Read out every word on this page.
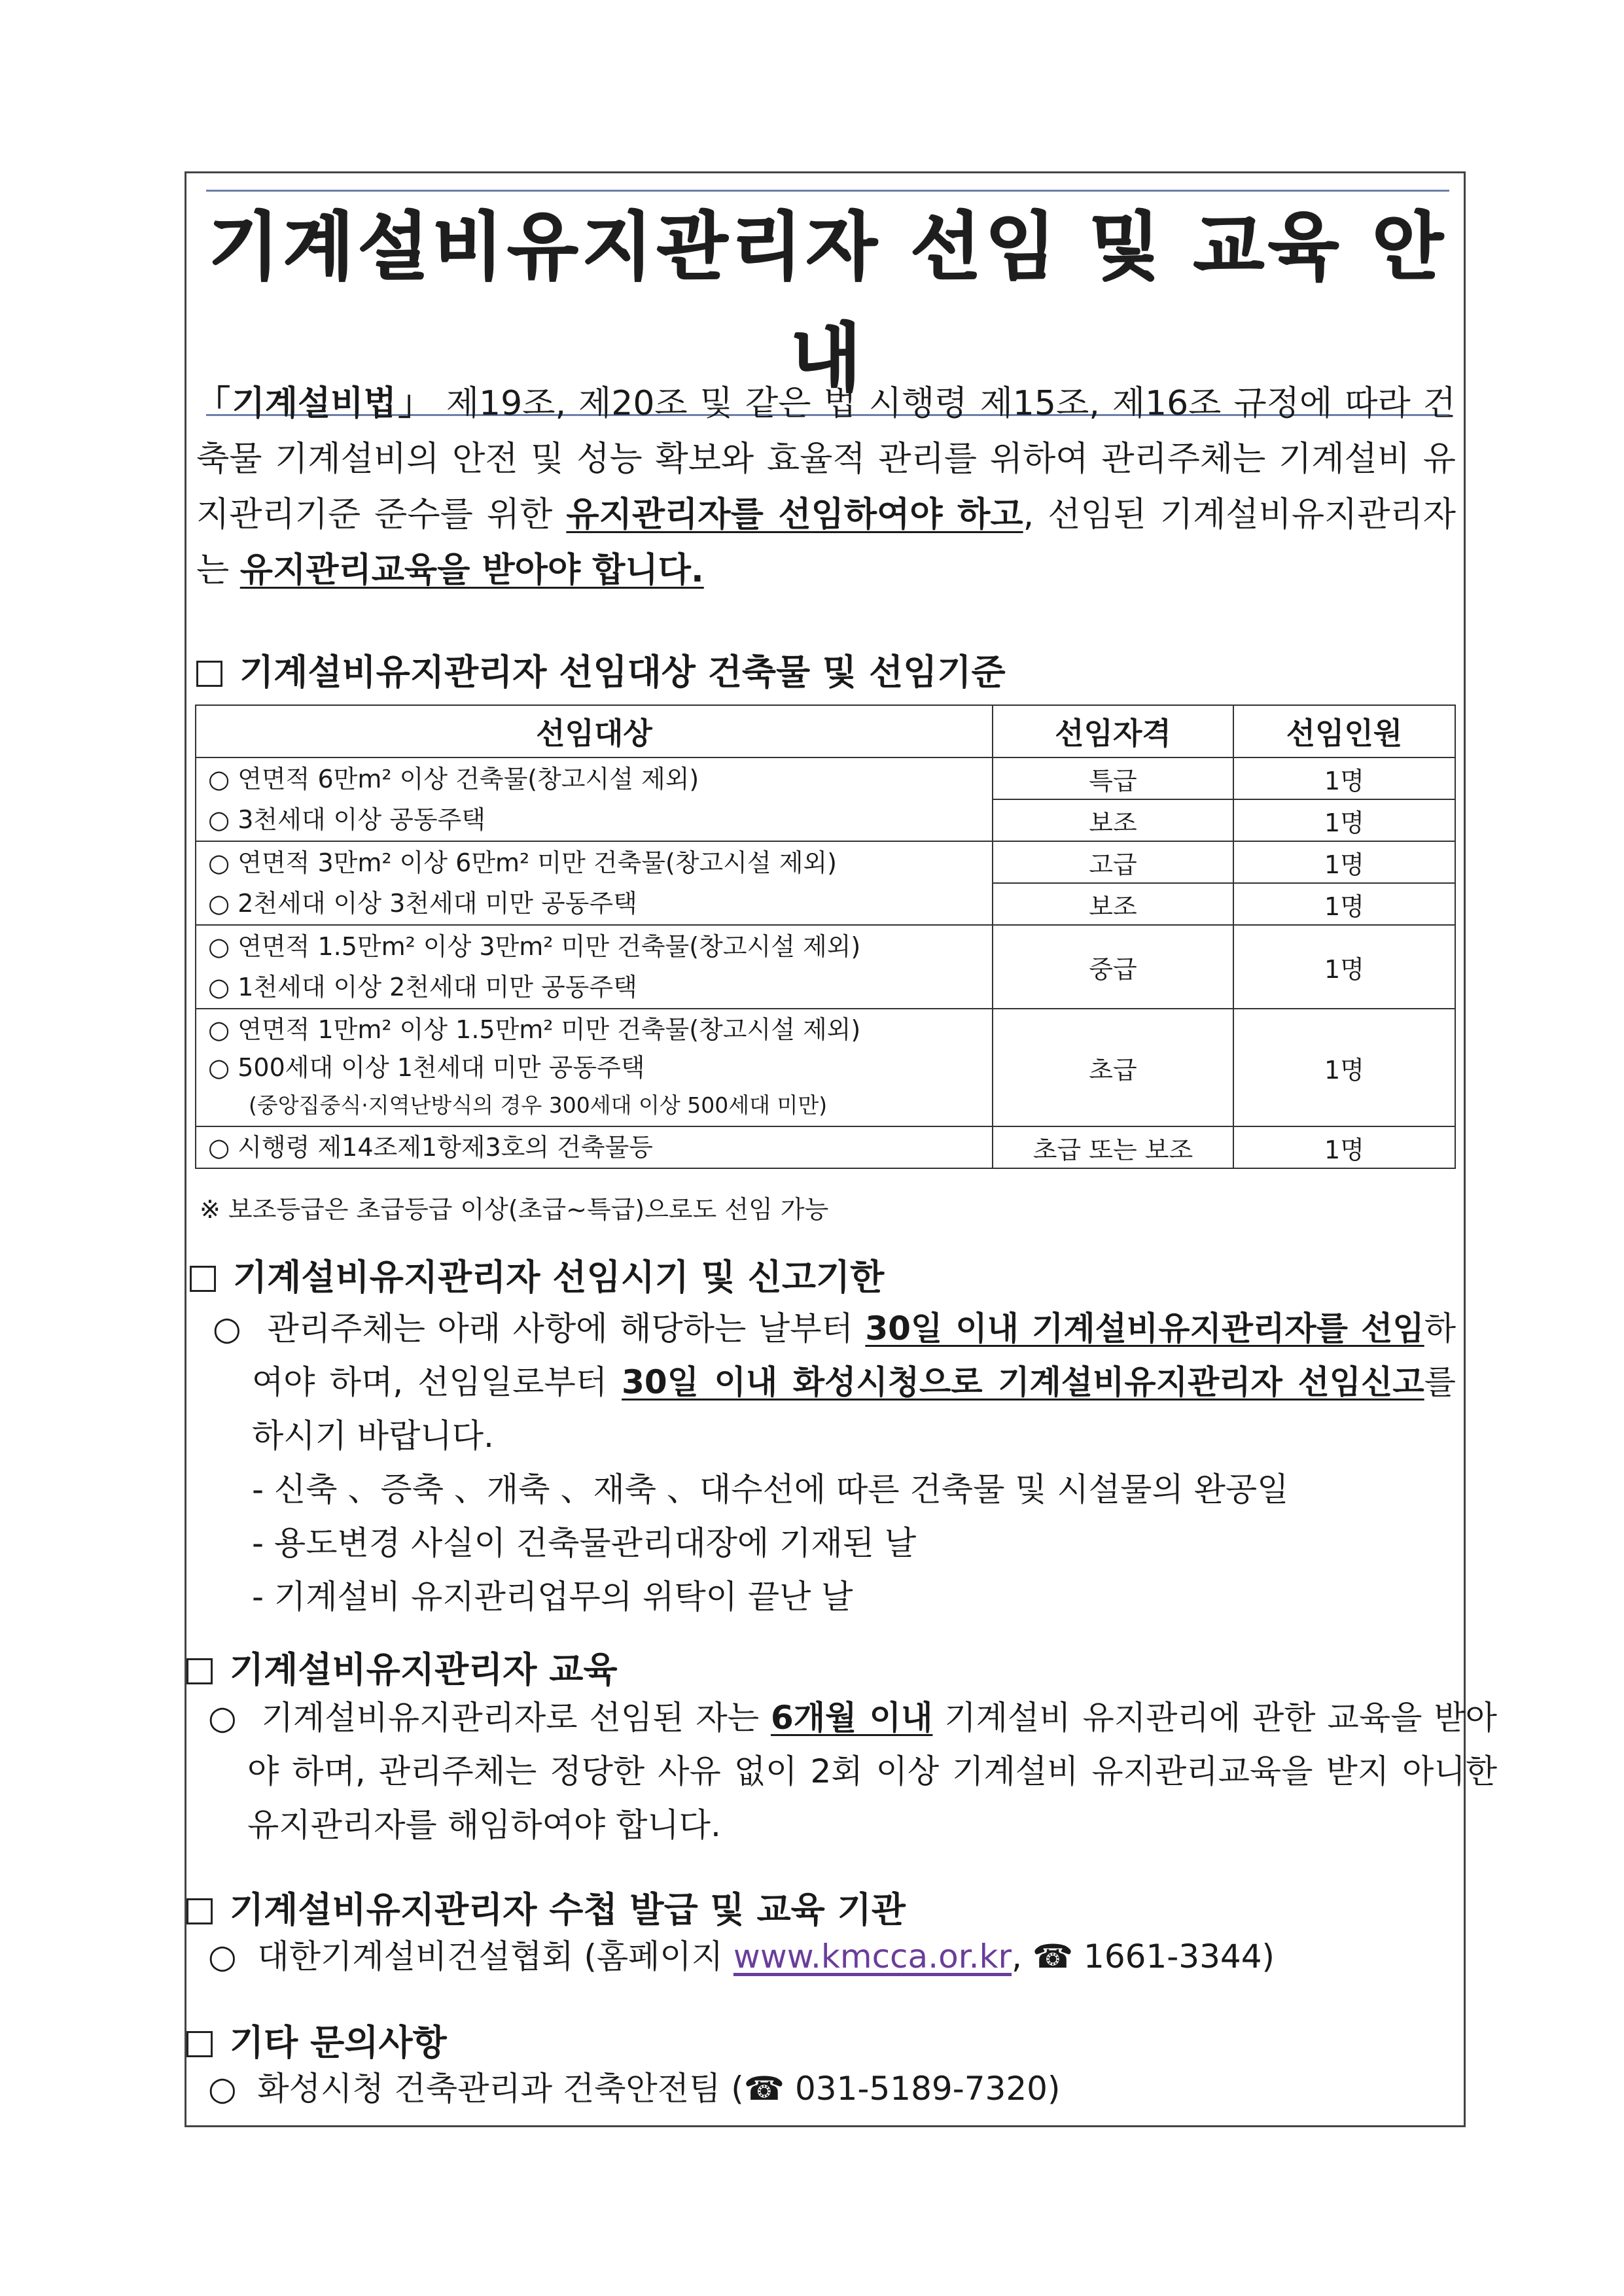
기계설비유지관리자 선임 및 교육 안내
「기계설비법」 제19조, 제20조 및 같은 법 시행령 제15조, 제16조 규정에 따라 건축물 기계설비의 안전 및 성능 확보와 효율적 관리를 위하여 관리주체는 기계설비 유지관리기준 준수를 위한 유지관리자를 선임하여야 하고, 선임된 기계설비유지관리자는 유지관리교육을 받아야 합니다.
기계설비유지관리자 선임대상 건축물 및 선임기준
선임대상	선임자격	선임인원

○ 연면적 6만m² 이상 건축물(창고시설 제외)
○ 3천세대 이상 공동주택	특급	1명
	보조	1명

○ 연면적 3만m² 이상 6만m² 미만 건축물(창고시설 제외)
○ 2천세대 이상 3천세대 미만 공동주택	고급	1명
	보조	1명

○ 연면적 1.5만m² 이상 3만m² 미만 건축물(창고시설 제외)
○ 1천세대 이상 2천세대 미만 공동주택	중급	1명

○ 연면적 1만m² 이상 1.5만m² 미만 건축물(창고시설 제외)
○ 500세대 이상 1천세대 미만 공동주택
(중앙집중식·지역난방식의 경우 300세대 이상 500세대 미만)	초급	1명
○ 시행령 제14조제1항제3호의 건축물등	초급 또는 보조	1명
※ 보조등급은 초급등급 이상(초급~특급)으로도 선임 가능
기계설비유지관리자 선임시기 및 신고기한
○  관리주체는 아래 사항에 해당하는 날부터 30일 이내 기계설비유지관리자를 선임하여야 하며, 선임일로부터 30일 이내 화성시청으로 기계설비유지관리자 선임신고를 하시기 바랍니다.
- 신축 、증축 、개축 、재축 、대수선에 따른 건축물 및 시설물의 완공일
- 용도변경 사실이 건축물관리대장에 기재된 날
- 기계설비 유지관리업무의 위탁이 끝난 날
기계설비유지관리자 교육
○  기계설비유지관리자로 선임된 자는 6개월 이내 기계설비 유지관리에 관한 교육을 받아야 하며, 관리주체는 정당한 사유 없이 2회 이상 기계설비 유지관리교육을 받지 아니한 유지관리자를 해임하여야 합니다.
기계설비유지관리자 수첩 발급 및 교육 기관
○  대한기계설비건설협회 (홈페이지 www.kmcca.or.kr, ☎ 1661-3344)
기타 문의사항
○  화성시청 건축관리과 건축안전팀 (☎ 031-5189-7320)
